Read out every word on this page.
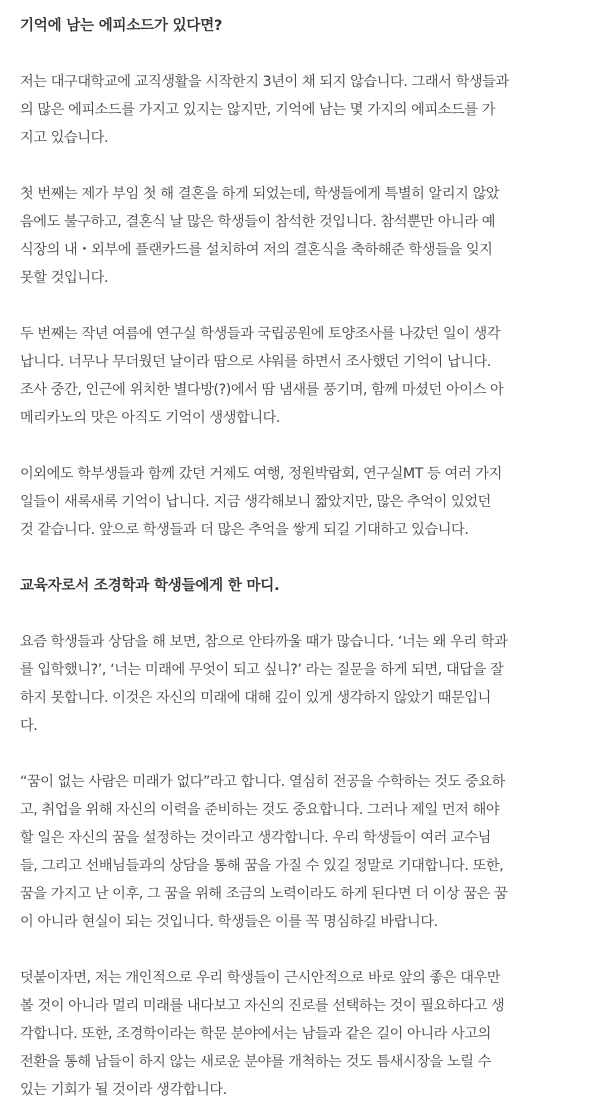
기억에 남는 에피소드가 있다면?

저는 대구대학교에 교직생활을 시작한지 3년이 채 되지 않습니다. 그래서 학생들과
의 많은 에피소드를 가지고 있지는 않지만, 기억에 남는 몇 가지의 에피소드를 가
지고 있습니다.

첫 번째는 제가 부임 첫 해 결혼을 하게 되었는데, 학생들에게 특별히 알리지 않았
음에도 불구하고, 결혼식 날 많은 학생들이 참석한 것입니다. 참석뿐만 아니라 예
식장의 내・외부에 플랜카드를 설치하여 저의 결혼식을 축하해준 학생들을 잊지
못할 것입니다.

두 번째는 작년 여름에 연구실 학생들과 국립공원에 토양조사를 나갔던 일이 생각
납니다. 너무나 무더웠던 날이라 땀으로 샤워를 하면서 조사했던 기억이 납니다.
조사 중간, 인근에 위치한 별다방(?)에서 땀 냄새를 풍기며, 함께 마셨던 아이스 아
메리카노의 맛은 아직도 기억이 생생합니다.

이외에도 학부생들과 함께 갔던 거제도 여행, 정원박람회, 연구실MT 등 여러 가지
일들이 새록새록 기억이 납니다. 지금 생각해보니 짧았지만, 많은 추억이 있었던
것 같습니다. 앞으로 학생들과 더 많은 추억을 쌓게 되길 기대하고 있습니다.

교육자로서 조경학과 학생들에게 한 마디.

요즘 학생들과 상담을 해 보면, 참으로 안타까울 때가 많습니다. ‘너는 왜 우리 학과
를 입학했니?’, ‘너는 미래에 무엇이 되고 싶니?’ 라는 질문을 하게 되면, 대답을 잘
하지 못합니다. 이것은 자신의 미래에 대해 깊이 있게 생각하지 않았기 때문입니
다.

“꿈이 없는 사람은 미래가 없다”라고 합니다. 열심히 전공을 수학하는 것도 중요하
고, 취업을 위해 자신의 이력을 준비하는 것도 중요합니다. 그러나 제일 먼저 해야
할 일은 자신의 꿈을 설정하는 것이라고 생각합니다. 우리 학생들이 여러 교수님
들, 그리고 선배님들과의 상담을 통해 꿈을 가질 수 있길 정말로 기대합니다. 또한,
꿈을 가지고 난 이후, 그 꿈을 위해 조금의 노력이라도 하게 된다면 더 이상 꿈은 꿈
이 아니라 현실이 되는 것입니다. 학생들은 이를 꼭 명심하길 바랍니다.

덧붙이자면, 저는 개인적으로 우리 학생들이 근시안적으로 바로 앞의 좋은 대우만
볼 것이 아니라 멀리 미래를 내다보고 자신의 진로를 선택하는 것이 필요하다고 생
각합니다. 또한, 조경학이라는 학문 분야에서는 남들과 같은 길이 아니라 사고의
전환을 통해 남들이 하지 않는 새로운 분야를 개척하는 것도 틈새시장을 노릴 수
있는 기회가 될 것이라 생각합니다.
